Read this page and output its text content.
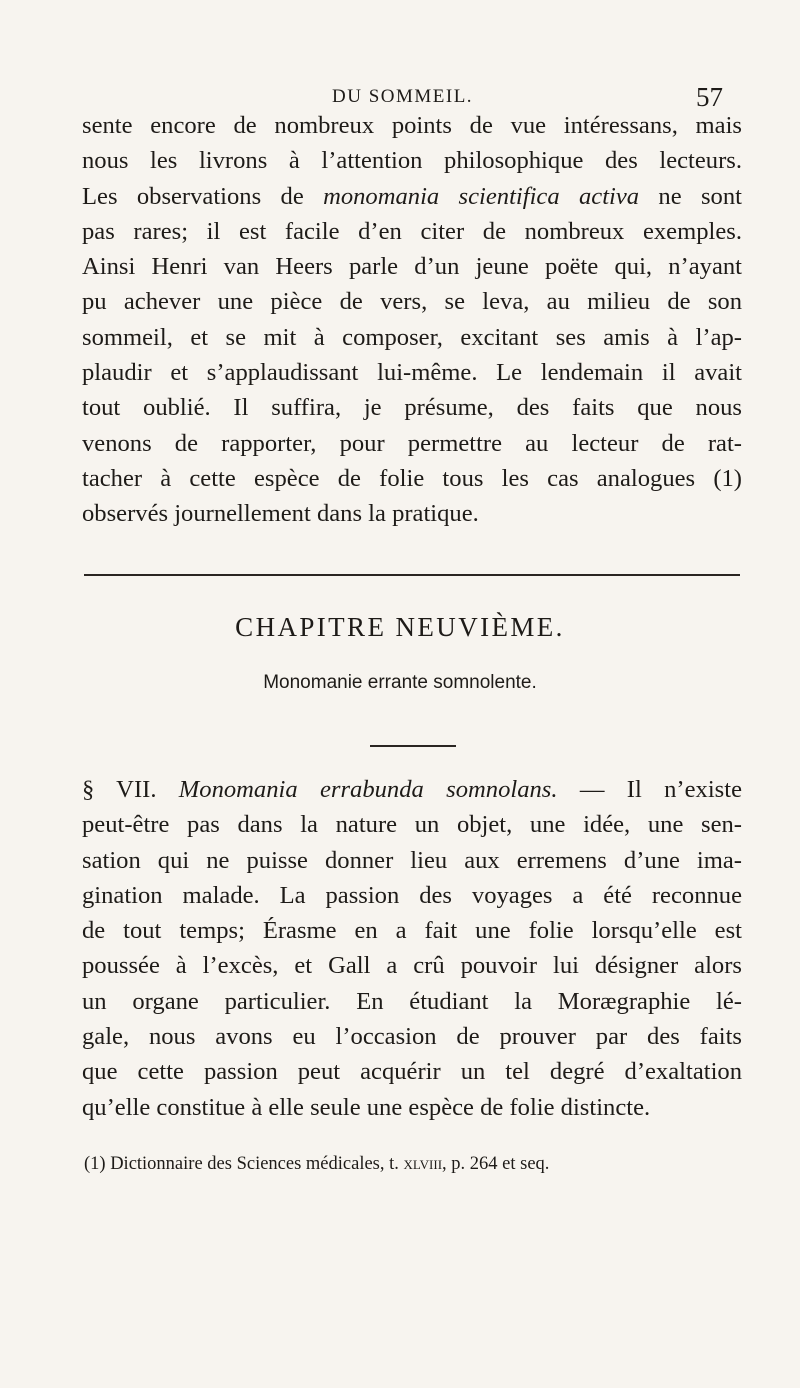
DU SOMMEIL.	57
sente encore de nombreux points de vue intéressans, mais
nous les livrons à l’attention philosophique des lecteurs.
Les observations de monomania scientifica activa ne sont
pas rares; il est facile d’en citer de nombreux exemples.
Ainsi Henri van Heers parle d’un jeune poëte qui, n’ayant
pu achever une pièce de vers, se leva, au milieu de son
sommeil, et se mit à composer, excitant ses amis à l’ap-
plaudir et s’applaudissant lui-même. Le lendemain il avait
tout oublié. Il suffira, je présume, des faits que nous
venons de rapporter, pour permettre au lecteur de rat-
tacher à cette espèce de folie tous les cas analogues (1)
observés journellement dans la pratique.
CHAPITRE NEUVIÈME.
Monomanie errante somnolente.
§ VII. Monomania errabunda somnolans. — Il n’existe
peut-être pas dans la nature un objet, une idée, une sen-
sation qui ne puisse donner lieu aux erremens d’une ima-
gination malade. La passion des voyages a été reconnue
de tout temps; Érasme en a fait une folie lorsqu’elle est
poussée à l’excès, et Gall a crû pouvoir lui désigner alors
un organe particulier. En étudiant la Morægraphie lé-
gale, nous avons eu l’occasion de prouver par des faits
que cette passion peut acquérir un tel degré d’exaltation
qu’elle constitue à elle seule une espèce de folie distincte.
(1) Dictionnaire des Sciences médicales, t. xlviii, p. 264 et seq.
